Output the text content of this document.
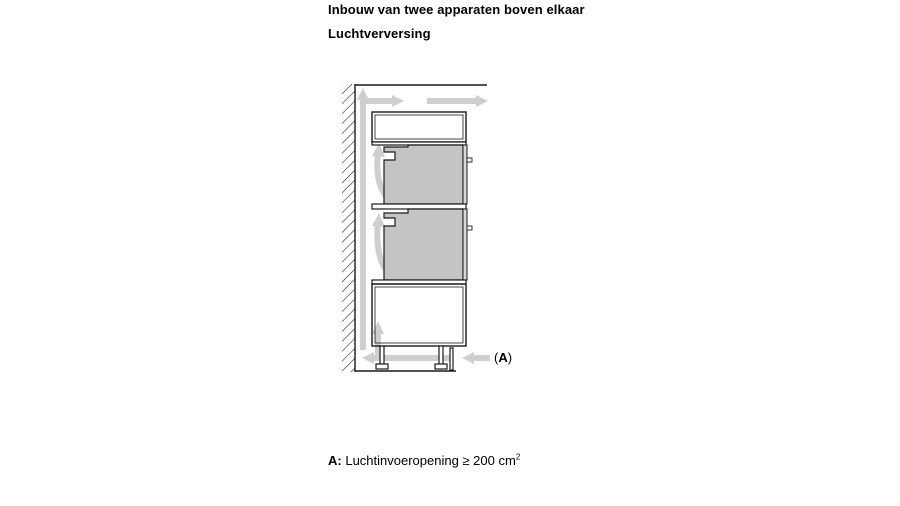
Inbouw van twee apparaten boven elkaar
Luchtverversing
(A)
A: Luchtinvoeropening ≥ 200 $cm^2$
